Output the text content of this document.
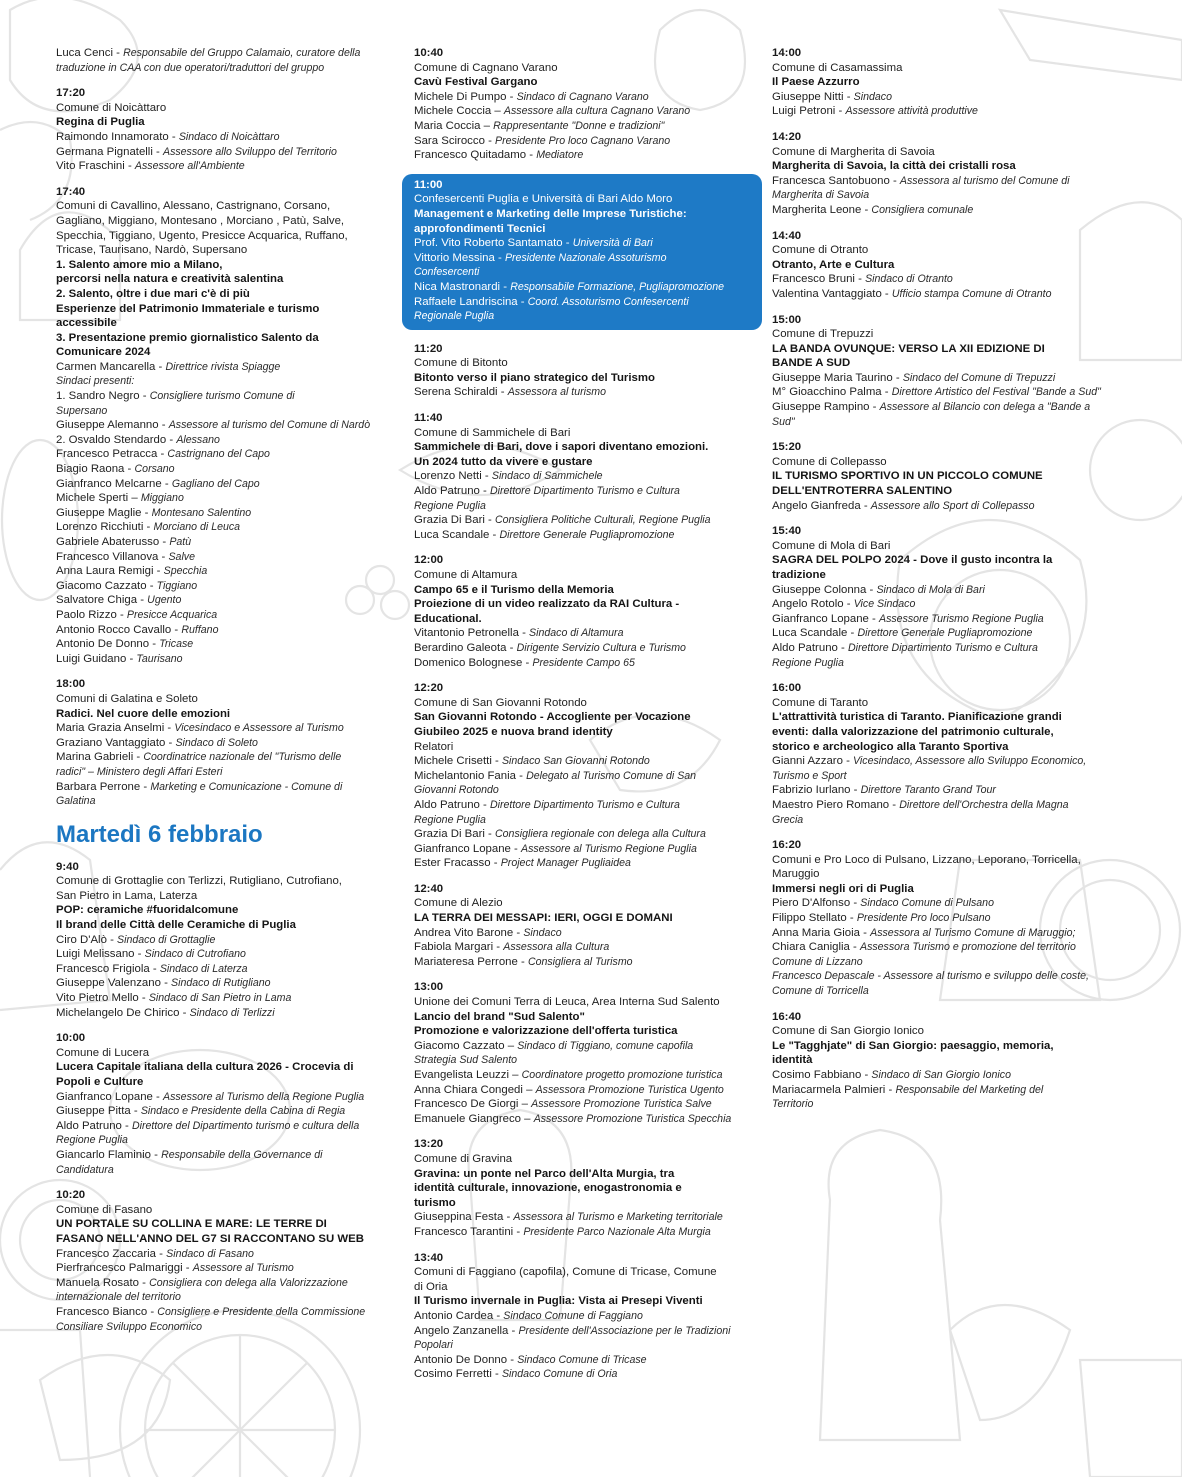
Luca Cenci - Responsabile del Gruppo Calamaio, curatore della
traduzione in CAA con due operatori/traduttori del gruppo
17:20
Comune di Noicàttaro
Regina di Puglia
Raimondo Innamorato - Sindaco di Noicàttaro
Germana Pignatelli - Assessore allo Sviluppo del Territorio
Vito Fraschini - Assessore all'Ambiente
17:40
Comuni di Cavallino, Alessano, Castrignano, Corsano,
Gagliano, Miggiano, Montesano , Morciano , Patù, Salve,
Specchia, Tiggiano, Ugento, Presicce Acquarica, Ruffano,
Tricase, Taurisano, Nardò, Supersano
1. Salento amore mio a Milano,
percorsi nella natura e creatività salentina
2. Salento, oltre i due mari c'è di più
Esperienze del Patrimonio Immateriale e turismo
accessibile
3. Presentazione premio giornalistico Salento da
Comunicare 2024
Carmen Mancarella - Direttrice rivista Spiagge
Sindaci presenti:
1. Sandro Negro - Consigliere turismo Comune di
Supersano
Giuseppe Alemanno - Assessore al turismo del Comune di Nardò
2. Osvaldo Stendardo - Alessano
Francesco Petracca - Castrignano del Capo
Biagio Raona - Corsano
Gianfranco Melcarne - Gagliano del Capo
Michele Sperti – Miggiano
Giuseppe Maglie - Montesano Salentino
Lorenzo Ricchiuti - Morciano di Leuca
Gabriele Abaterusso - Patù
Francesco Villanova - Salve
Anna Laura Remigi - Specchia
Giacomo Cazzato - Tiggiano
Salvatore Chiga - Ugento
Paolo Rizzo - Presicce Acquarica
Antonio Rocco Cavallo - Ruffano
Antonio De Donno - Tricase
Luigi Guidano - Taurisano
18:00
Comuni di Galatina e Soleto
Radici. Nel cuore delle emozioni
Maria Grazia Anselmi - Vicesindaco e Assessore al Turismo
Graziano Vantaggiato - Sindaco di Soleto
Marina Gabrieli - Coordinatrice nazionale del "Turismo delle
radici" – Ministero degli Affari Esteri
Barbara Perrone - Marketing e Comunicazione - Comune di
Galatina
Martedì 6 febbraio
9:40
Comune di Grottaglie con Terlizzi, Rutigliano, Cutrofiano,
San Pietro in Lama, Laterza
POP: ceramiche #fuoridalcomune
Il brand delle Città delle Ceramiche di Puglia
Ciro D'Alò - Sindaco di Grottaglie
Luigi Melissano - Sindaco di Cutrofiano
Francesco Frigiola - Sindaco di Laterza
Giuseppe Valenzano - Sindaco di Rutigliano
Vito Pietro Mello - Sindaco di San Pietro in Lama
Michelangelo De Chirico - Sindaco di Terlizzi
10:00
Comune di Lucera
Lucera Capitale italiana della cultura 2026 - Crocevia di
Popoli e Culture
Gianfranco Lopane - Assessore al Turismo della Regione Puglia
Giuseppe Pitta - Sindaco e Presidente della Cabina di Regia
Aldo Patruno - Direttore del Dipartimento turismo e cultura della
Regione Puglia
Giancarlo Flaminio - Responsabile della Governance di
Candidatura
10:20
Comune di Fasano
UN PORTALE SU COLLINA E MARE: LE TERRE DI
FASANO NELL'ANNO DEL G7 SI RACCONTANO SU WEB
Francesco Zaccaria - Sindaco di Fasano
Pierfrancesco Palmariggi - Assessore al Turismo
Manuela Rosato - Consigliera con delega alla Valorizzazione
internazionale del territorio
Francesco Bianco - Consigliere e Presidente della Commissione
Consiliare Sviluppo Economico
10:40
Comune di Cagnano Varano
Cavù Festival Gargano
Michele Di Pumpo - Sindaco di Cagnano Varano
Michele Coccia – Assessore alla cultura Cagnano Varano
Maria Coccia – Rappresentante "Donne e tradizioni"
Sara Scirocco - Presidente Pro loco Cagnano Varano
Francesco Quitadamo - Mediatore
11:00
Confesercenti Puglia e Università di Bari Aldo Moro
Management e Marketing delle Imprese Turistiche:
approfondimenti Tecnici
Prof. Vito Roberto Santamato - Università di Bari
Vittorio Messina - Presidente Nazionale Assoturismo
Confesercenti
Nica Mastronardi - Responsabile Formazione, Pugliapromozione
Raffaele Landriscina - Coord. Assoturismo Confesercenti
Regionale Puglia
11:20
Comune di Bitonto
Bitonto verso il piano strategico del Turismo
Serena Schiraldi - Assessora al turismo
11:40
Comune di Sammichele di Bari
Sammichele di Bari, dove i sapori diventano emozioni.
Un 2024 tutto da vivere e gustare
Lorenzo Netti - Sindaco di Sammichele
Aldo Patruno - Direttore Dipartimento Turismo e Cultura
Regione Puglia
Grazia Di Bari - Consigliera Politiche Culturali, Regione Puglia
Luca Scandale - Direttore Generale Pugliapromozione
12:00
Comune di Altamura
Campo 65 e il Turismo della Memoria
Proiezione di un video realizzato da RAI Cultura -
Educational.
Vitantonio Petronella - Sindaco di Altamura
Berardino Galeota - Dirigente Servizio Cultura e Turismo
Domenico Bolognese - Presidente Campo 65
12:20
Comune di San Giovanni Rotondo
San Giovanni Rotondo - Accogliente per Vocazione
Giubileo 2025 e nuova brand identity
Relatori
Michele Crisetti - Sindaco San Giovanni Rotondo
Michelantonio Fania - Delegato al Turismo Comune di San
Giovanni Rotondo
Aldo Patruno - Direttore Dipartimento Turismo e Cultura
Regione Puglia
Grazia Di Bari - Consigliera regionale con delega alla Cultura
Gianfranco Lopane - Assessore al Turismo Regione Puglia
Ester Fracasso - Project Manager Pugliaidea
12:40
Comune di Alezio
LA TERRA DEI MESSAPI: IERI, OGGI E DOMANI
Andrea Vito Barone - Sindaco
Fabiola Margari - Assessora alla Cultura
Mariateresa Perrone - Consigliera al Turismo
13:00
Unione dei Comuni Terra di Leuca, Area Interna Sud Salento
Lancio del brand "Sud Salento"
Promozione e valorizzazione dell'offerta turistica
Giacomo Cazzato – Sindaco di Tiggiano, comune capofila
Strategia Sud Salento
Evangelista Leuzzi – Coordinatore progetto promozione turistica
Anna Chiara Congedi – Assessora Promozione Turistica Ugento
Francesco De Giorgi – Assessore Promozione Turistica Salve
Emanuele Giangreco – Assessore Promozione Turistica Specchia
13:20
Comune di Gravina
Gravina: un ponte nel Parco dell'Alta Murgia, tra
identità culturale, innovazione, enogastronomia e
turismo
Giuseppina Festa - Assessora al Turismo e Marketing territoriale
Francesco Tarantini - Presidente Parco Nazionale Alta Murgia
13:40
Comuni di Faggiano (capofila), Comune di Tricase, Comune
di Oria
Il Turismo invernale in Puglia: Vista ai Presepi Viventi
Antonio Cardea - Sindaco Comune di Faggiano
Angelo Zanzanella - Presidente dell'Associazione per le Tradizioni
Popolari
Antonio De Donno - Sindaco Comune di Tricase
Cosimo Ferretti - Sindaco Comune di Oria
14:00
Comune di Casamassima
Il Paese Azzurro
Giuseppe Nitti - Sindaco
Luigi Petroni - Assessore attività produttive
14:20
Comune di Margherita di Savoia
Margherita di Savoia, la città dei cristalli rosa
Francesca Santobuono - Assessora al turismo del Comune di
Margherita di Savoia
Margherita Leone - Consigliera comunale
14:40
Comune di Otranto
Otranto, Arte e Cultura
Francesco Bruni - Sindaco di Otranto
Valentina Vantaggiato - Ufficio stampa Comune di Otranto
15:00
Comune di Trepuzzi
LA BANDA OVUNQUE: VERSO LA XII EDIZIONE DI
BANDE A SUD
Giuseppe Maria Taurino - Sindaco del Comune di Trepuzzi
M° Gioacchino Palma - Direttore Artistico del Festival "Bande a Sud"
Giuseppe Rampino - Assessore al Bilancio con delega a "Bande a
Sud"
15:20
Comune di Collepasso
IL TURISMO SPORTIVO IN UN PICCOLO COMUNE
DELL'ENTROTERRA SALENTINO
Angelo Gianfreda - Assessore allo Sport di Collepasso
15:40
Comune di Mola di Bari
SAGRA DEL POLPO 2024 - Dove il gusto incontra la
tradizione
Giuseppe Colonna - Sindaco di Mola di Bari
Angelo Rotolo - Vice Sindaco
Gianfranco Lopane - Assessore Turismo Regione Puglia
Luca Scandale - Direttore Generale Pugliapromozione
Aldo Patruno - Direttore Dipartimento Turismo e Cultura
Regione Puglia
16:00
Comune di Taranto
L'attrattività turistica di Taranto. Pianificazione grandi
eventi: dalla valorizzazione del patrimonio culturale,
storico e archeologico alla Taranto Sportiva
Gianni Azzaro - Vicesindaco, Assessore allo Sviluppo Economico,
Turismo e Sport
Fabrizio Iurlano - Direttore Taranto Grand Tour
Maestro Piero Romano - Direttore dell'Orchestra della Magna
Grecia
16:20
Comuni e Pro Loco di Pulsano, Lizzano, Leporano, Torricella,
Maruggio
Immersi negli ori di Puglia
Piero D'Alfonso - Sindaco Comune di Pulsano
Filippo Stellato - Presidente Pro loco Pulsano
Anna Maria Gioia - Assessora al Turismo Comune di Maruggio;
Chiara Caniglia - Assessora Turismo e promozione del territorio
Comune di Lizzano
Francesco Depascale - Assessore al turismo e sviluppo delle coste,
Comune di Torricella
16:40
Comune di San Giorgio Ionico
Le "Tagghjate" di San Giorgio: paesaggio, memoria,
identità
Cosimo Fabbiano - Sindaco di San Giorgio Ionico
Mariacarmela Palmieri - Responsabile del Marketing del
Territorio
